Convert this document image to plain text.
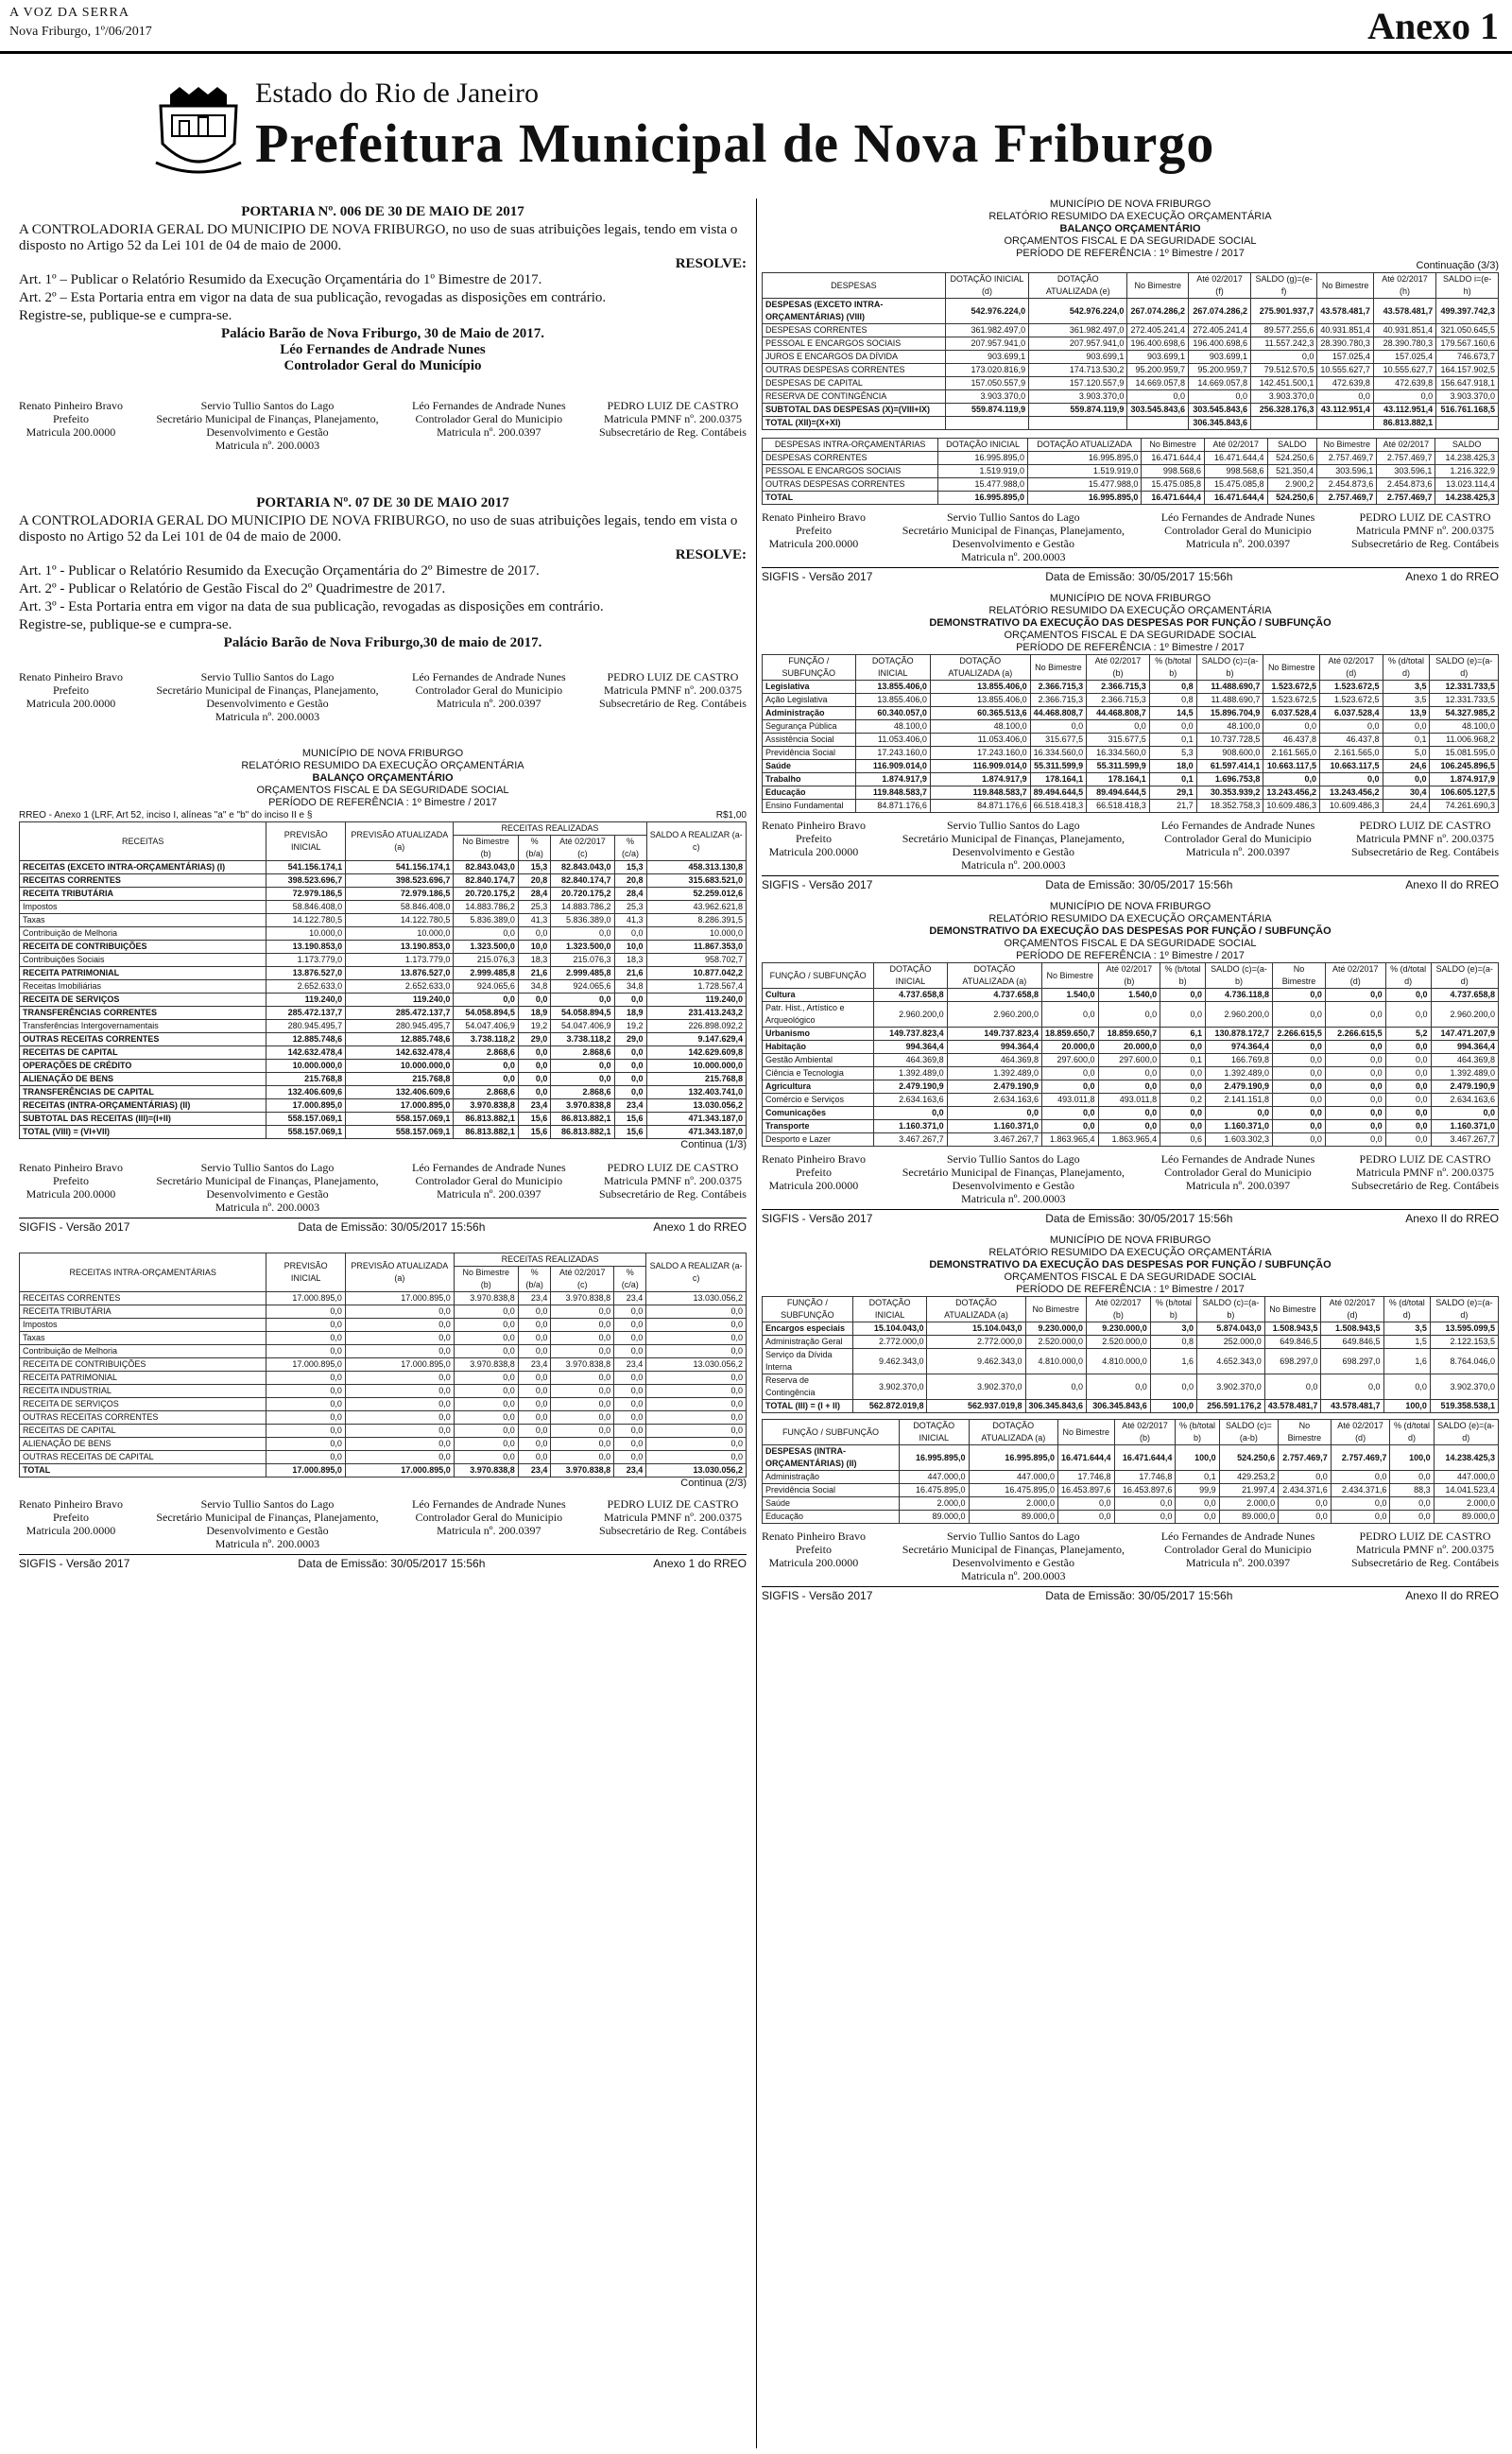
A VOZ DA SERRA
Nova Friburgo, 1º/06/2017	Anexo 1
Estado do Rio de Janeiro
Prefeitura Municipal de Nova Friburgo
PORTARIA Nº. 006 DE 30 DE MAIO DE 2017

A CONTROLADORIA GERAL DO MUNICIPIO DE NOVA FRIBURGO, no uso de suas atribuições legais, tendo em vista o disposto no Artigo 52 da Lei 101 de 04 de maio de 2000.

RESOLVE:

Art. 1º – Publicar o Relatório Resumido da Execução Orçamentária do 1º Bimestre de 2017.

Art. 2º – Esta Portaria entra em vigor na data de sua publicação, revogadas as disposições em contrário.

Registre-se, publique-se e cumpra-se.

Palácio Barão de Nova Friburgo, 30 de Maio de 2017.
Léo Fernandes de Andrade Nunes
Controlador Geral do Município
Renato Pinheiro Bravo
Prefeito
Matricula 200.0000
Servio Tullio Santos do Lago
Secretário Municipal de Finanças, Planejamento,
Desenvolvimento e Gestão
Matricula nº. 200.0003
Léo Fernandes de Andrade Nunes
Controlador Geral do Municipio
Matricula nº. 200.0397
PEDRO LUIZ DE CASTRO
Matricula PMNF nº. 200.0375
Subsecretário de Reg. Contábeis
PORTARIA Nº. 07 DE 30 DE MAIO 2017

A CONTROLADORIA GERAL DO MUNICIPIO DE NOVA FRIBURGO, no uso de suas atribuições legais, tendo em vista o disposto no Artigo 52 da Lei 101 de 04 de maio de 2000.

RESOLVE:

Art. 1º - Publicar o Relatório Resumido da Execução Orçamentária do 2º Bimestre de 2017.

Art. 2º - Publicar o Relatório de Gestão Fiscal do 2º Quadrimestre de 2017.

Art. 3º - Esta Portaria entra em vigor na data de sua publicação, revogadas as disposições em contrário.

Registre-se, publique-se e cumpra-se.

Palácio Barão de Nova Friburgo,30 de maio de 2017.
Renato Pinheiro Bravo
Prefeito
Matricula 200.0000
Servio Tullio Santos do Lago
Secretário Municipal de Finanças, Planejamento,
Desenvolvimento e Gestão
Matricula nº. 200.0003
Léo Fernandes de Andrade Nunes
Controlador Geral do Municipio
Matricula nº. 200.0397
PEDRO LUIZ DE CASTRO
Matricula PMNF nº. 200.0375
Subsecretário de Reg. Contábeis
MUNICÍPIO DE NOVA FRIBURGO
RELATÓRIO RESUMIDO DA EXECUÇÃO ORÇAMENTÁRIA
BALANÇO ORÇAMENTÁRIO
ORÇAMENTOS FISCAL E DA SEGURIDADE SOCIAL
PERÍODO DE REFERÊNCIA : 1º Bimestre / 2017
RREO - Anexo 1 (LRF, Art 52, inciso I, alíneas "a" e "b" do inciso II e §	R$1,00
RECEITAS	PREVISÃO INICIAL	PREVISÃO ATUALIZADA (a)	RECEITAS REALIZADAS				SALDO A REALIZAR (a-c)
			No Bimestre (b)	% (b/a)	Até 02/2017 (c)	% (c/a)	
RECEITAS (EXCETO INTRA-ORÇAMENTÁRIAS) (I)	541.156.174,1	541.156.174,1	82.843.043,0	15,3	82.843.043,0	15,3	458.313.130,8
RECEITAS CORRENTES	398.523.696,7	398.523.696,7	82.840.174,7	20,8	82.840.174,7	20,8	315.683.521,0
RECEITA TRIBUTÁRIA	72.979.186,5	72.979.186,5	20.720.175,2	28,4	20.720.175,2	28,4	52.259.012,6
Impostos	58.846.408,0	58.846.408,0	14.883.786,2	25,3	14.883.786,2	25,3	43.962.621,8
Taxas	14.122.780,5	14.122.780,5	5.836.389,0	41,3	5.836.389,0	41,3	8.286.391,5
Contribuição de Melhoria	10.000,0	10.000,0	0,0	0,0	0,0	0,0	10.000,0
RECEITA DE CONTRIBUIÇÕES	13.190.853,0	13.190.853,0	1.323.500,0	10,0	1.323.500,0	10,0	11.867.353,0
Contribuições Sociais	1.173.779,0	1.173.779,0	215.076,3	18,3	215.076,3	18,3	958.702,7
RECEITA PATRIMONIAL	13.876.527,0	13.876.527,0	2.999.485,8	21,6	2.999.485,8	21,6	10.877.042,2
Receitas Imobiliárias	2.652.633,0	2.652.633,0	924.065,6	34,8	924.065,6	34,8	1.728.567,4
RECEITA DE SERVIÇOS	119.240,0	119.240,0	0,0	0,0	0,0	0,0	119.240,0
TRANSFERÊNCIAS CORRENTES	285.472.137,7	285.472.137,7	54.058.894,5	18,9	54.058.894,5	18,9	231.413.243,2
Transferências Intergovernamentais	280.945.495,7	280.945.495,7	54.047.406,9	19,2	54.047.406,9	19,2	226.898.092,2
OUTRAS RECEITAS CORRENTES	12.885.748,6	12.885.748,6	3.738.118,2	29,0	3.738.118,2	29,0	9.147.629,4
RECEITAS DE CAPITAL	142.632.478,4	142.632.478,4	2.868,6	0,0	2.868,6	0,0	142.629.609,8
OPERAÇÕES DE CRÉDITO	10.000.000,0	10.000.000,0	0,0	0,0	0,0	0,0	10.000.000,0
ALIENAÇÃO DE BENS	215.768,8	215.768,8	0,0	0,0	0,0	0,0	215.768,8
TRANSFERÊNCIAS DE CAPITAL	132.406.609,6	132.406.609,6	2.868,6	0,0	2.868,6	0,0	132.403.741,0
RECEITAS (INTRA-ORÇAMENTÁRIAS) (II)	17.000.895,0	17.000.895,0	3.970.838,8	23,4	3.970.838,8	23,4	13.030.056,2
SUBTOTAL DAS RECEITAS (III)=(I+II)	558.157.069,1	558.157.069,1	86.813.882,1	15,6	86.813.882,1	15,6	471.343.187,0
TOTAL (VIII) = (VI+VII)	558.157.069,1	558.157.069,1	86.813.882,1	15,6	86.813.882,1	15,6	471.343.187,0
Continua (1/3)
Renato Pinheiro Bravo
Prefeito
Matricula 200.0000
Servio Tullio Santos do Lago
Secretário Municipal de Finanças, Planejamento,
Desenvolvimento e Gestão
Matricula nº. 200.0003
Léo Fernandes de Andrade Nunes
Controlador Geral do Municipio
Matricula nº. 200.0397
PEDRO LUIZ DE CASTRO
Matricula PMNF nº. 200.0375
Subsecretário de Reg. Contábeis
SIGFIS - Versão 2017	Data de Emissão: 30/05/2017 15:56h	Anexo 1 do RREO
RECEITAS INTRA-ORÇAMENTÁRIAS	PREVISÃO INICIAL	PREVISÃO ATUALIZADA (a)	RECEITAS REALIZADAS				SALDO A REALIZAR (a-c)
			No Bimestre (b)	% (b/a)	Até 02/2017 (c)	% (c/a)	
RECEITAS CORRENTES	17.000.895,0	17.000.895,0	3.970.838,8	23,4	3.970.838,8	23,4	13.030.056,2
RECEITA TRIBUTÁRIA	0,0	0,0	0,0	0,0	0,0	0,0	0,0
Impostos	0,0	0,0	0,0	0,0	0,0	0,0	0,0
Taxas	0,0	0,0	0,0	0,0	0,0	0,0	0,0
Contribuição de Melhoria	0,0	0,0	0,0	0,0	0,0	0,0	0,0
RECEITA DE CONTRIBUIÇÕES	17.000.895,0	17.000.895,0	3.970.838,8	23,4	3.970.838,8	23,4	13.030.056,2
RECEITA PATRIMONIAL	0,0	0,0	0,0	0,0	0,0	0,0	0,0
RECEITA INDUSTRIAL	0,0	0,0	0,0	0,0	0,0	0,0	0,0
RECEITA DE SERVIÇOS	0,0	0,0	0,0	0,0	0,0	0,0	0,0
OUTRAS RECEITAS CORRENTES	0,0	0,0	0,0	0,0	0,0	0,0	0,0
RECEITAS DE CAPITAL	0,0	0,0	0,0	0,0	0,0	0,0	0,0
ALIENAÇÃO DE BENS	0,0	0,0	0,0	0,0	0,0	0,0	0,0
OUTRAS RECEITAS DE CAPITAL	0,0	0,0	0,0	0,0	0,0	0,0	0,0
TOTAL	17.000.895,0	17.000.895,0	3.970.838,8	23,4	3.970.838,8	23,4	13.030.056,2
Continua (2/3)
Renato Pinheiro Bravo
Prefeito
Matricula 200.0000
Servio Tullio Santos do Lago
Secretário Municipal de Finanças, Planejamento,
Desenvolvimento e Gestão
Matricula nº. 200.0003
Léo Fernandes de Andrade Nunes
Controlador Geral do Municipio
Matricula nº. 200.0397
PEDRO LUIZ DE CASTRO
Matricula PMNF nº. 200.0375
Subsecretário de Reg. Contábeis
SIGFIS - Versão 2017	Data de Emissão: 30/05/2017 15:56h	Anexo 1 do RREO
MUNICÍPIO DE NOVA FRIBURGO
RELATÓRIO RESUMIDO DA EXECUÇÃO ORÇAMENTÁRIA
BALANÇO ORÇAMENTÁRIO
ORÇAMENTOS FISCAL E DA SEGURIDADE SOCIAL
PERÍODO DE REFERÊNCIA : 1º Bimestre / 2017
Continuação (3/3)
DESPESAS	DOTAÇÃO INICIAL (d)	DOTAÇÃO ATUALIZADA (e)	No Bimestre	Até 02/2017 (f)	SALDO (g)=(e-f)	No Bimestre	Até 02/2017 (h)	SALDO i=(e-h)
DESPESAS (EXCETO INTRA-ORÇAMENTÁRIAS) (VIII)	542.976.224,0	542.976.224,0	267.074.286,2	267.074.286,2	275.901.937,7	43.578.481,7	43.578.481,7	499.397.742,3
DESPESAS CORRENTES	361.982.497,0	361.982.497,0	272.405.241,4	272.405.241,4	89.577.255,6	40.931.851,4	40.931.851,4	321.050.645,5
PESSOAL E ENCARGOS SOCIAIS	207.957.941,0	207.957.941,0	196.400.698,6	196.400.698,6	11.557.242,3	28.390.780,3	28.390.780,3	179.567.160,6
JUROS E ENCARGOS DA DÍVIDA	903.699,1	903.699,1	903.699,1	903.699,1	0,0	157.025,4	157.025,4	746.673,7
OUTRAS DESPESAS CORRENTES	173.020.816,9	174.713.530,2	95.200.959,7	95.200.959,7	79.512.570,5	10.555.627,7	10.555.627,7	164.157.902,5
DESPESAS DE CAPITAL	157.050.557,9	157.120.557,9	14.669.057,8	14.669.057,8	142.451.500,1	472.639,8	472.639,8	156.647.918,1
RESERVA DE CONTINGÊNCIA	3.903.370,0	3.903.370,0	0,0	0,0	3.903.370,0	0,0	0,0	3.903.370,0
SUBTOTAL DAS DESPESAS (X)=(VIII+IX)	559.874.119,9	559.874.119,9	303.545.843,6	303.545.843,6	256.328.176,3	43.112.951,4	43.112.951,4	516.761.168,5
TOTAL (XII)=(X+XI)				306.345.843,6			86.813.882,1	
DESPESAS INTRA-ORÇAMENTÁRIAS	DOTAÇÃO INICIAL	DOTAÇÃO ATUALIZADA	No Bimestre	Até 02/2017	SALDO	No Bimestre	Até 02/2017	SALDO
DESPESAS CORRENTES	16.995.895,0	16.995.895,0	16.471.644,4	16.471.644,4	524.250,6	2.757.469,7	2.757.469,7	14.238.425,3
PESSOAL E ENCARGOS SOCIAIS	1.519.919,0	1.519.919,0	998.568,6	998.568,6	521.350,4	303.596,1	303.596,1	1.216.322,9
OUTRAS DESPESAS CORRENTES	15.477.988,0	15.477.988,0	15.475.085,8	15.475.085,8	2.900,2	2.454.873,6	2.454.873,6	13.023.114,4
TOTAL	16.995.895,0	16.995.895,0	16.471.644,4	16.471.644,4	524.250,6	2.757.469,7	2.757.469,7	14.238.425,3
Renato Pinheiro Bravo
Prefeito
Matricula 200.0000
Servio Tullio Santos do Lago
Secretário Municipal de Finanças, Planejamento,
Desenvolvimento e Gestão
Matricula nº. 200.0003
Léo Fernandes de Andrade Nunes
Controlador Geral do Municipio
Matricula nº. 200.0397
PEDRO LUIZ DE CASTRO
Matricula PMNF nº. 200.0375
Subsecretário de Reg. Contábeis
SIGFIS - Versão 2017	Data de Emissão: 30/05/2017 15:56h	Anexo 1 do RREO
MUNICÍPIO DE NOVA FRIBURGO
RELATÓRIO RESUMIDO DA EXECUÇÃO ORÇAMENTÁRIA
DEMONSTRATIVO DA EXECUÇÃO DAS DESPESAS POR FUNÇÃO / SUBFUNÇÃO
ORÇAMENTOS FISCAL E DA SEGURIDADE SOCIAL
PERÍODO DE REFERÊNCIA : 1º Bimestre / 2017
FUNÇÃO / SUBFUNÇÃO	DOTAÇÃO INICIAL	DOTAÇÃO ATUALIZADA (a)	No Bimestre	Até 02/2017 (b)	% (b/total b)	SALDO (c)=(a-b)	No Bimestre	Até 02/2017 (d)	% (d/total d)	SALDO (e)=(a-d)
Legislativa	13.855.406,0	13.855.406,0	2.366.715,3	2.366.715,3	0,8	11.488.690,7	1.523.672,5	1.523.672,5	3,5	12.331.733,5
Ação Legislativa	13.855.406,0	13.855.406,0	2.366.715,3	2.366.715,3	0,8	11.488.690,7	1.523.672,5	1.523.672,5	3,5	12.331.733,5
Administração	60.340.057,0	60.365.513,6	44.468.808,7	44.468.808,7	14,5	15.896.704,9	6.037.528,4	6.037.528,4	13,9	54.327.985,2
Segurança Pública	48.100,0	48.100,0	0,0	0,0	0,0	48.100,0	0,0	0,0	0,0	48.100,0
Assistência Social	11.053.406,0	11.053.406,0	315.677,5	315.677,5	0,1	10.737.728,5	46.437,8	46.437,8	0,1	11.006.968,2
Previdência Social	17.243.160,0	17.243.160,0	16.334.560,0	16.334.560,0	5,3	908.600,0	2.161.565,0	2.161.565,0	5,0	15.081.595,0
Saúde	116.909.014,0	116.909.014,0	55.311.599,9	55.311.599,9	18,0	61.597.414,1	10.663.117,5	10.663.117,5	24,6	106.245.896,5
Trabalho	1.874.917,9	1.874.917,9	178.164,1	178.164,1	0,1	1.696.753,8	0,0	0,0	0,0	1.874.917,9
Educação	119.848.583,7	119.848.583,7	89.494.644,5	89.494.644,5	29,1	30.353.939,2	13.243.456,2	13.243.456,2	30,4	106.605.127,5
Ensino Fundamental	84.871.176,6	84.871.176,6	66.518.418,3	66.518.418,3	21,7	18.352.758,3	10.609.486,3	10.609.486,3	24,4	74.261.690,3
Renato Pinheiro Bravo
Prefeito
Matricula 200.0000
Servio Tullio Santos do Lago
Secretário Municipal de Finanças, Planejamento,
Desenvolvimento e Gestão
Matricula nº. 200.0003
Léo Fernandes de Andrade Nunes
Controlador Geral do Municipio
Matricula nº. 200.0397
PEDRO LUIZ DE CASTRO
Matricula PMNF nº. 200.0375
Subsecretário de Reg. Contábeis
SIGFIS - Versão 2017	Data de Emissão: 30/05/2017 15:56h	Anexo II do RREO
MUNICÍPIO DE NOVA FRIBURGO
RELATÓRIO RESUMIDO DA EXECUÇÃO ORÇAMENTÁRIA
DEMONSTRATIVO DA EXECUÇÃO DAS DESPESAS POR FUNÇÃO / SUBFUNÇÃO
ORÇAMENTOS FISCAL E DA SEGURIDADE SOCIAL
PERÍODO DE REFERÊNCIA : 1º Bimestre / 2017
FUNÇÃO / SUBFUNÇÃO	DOTAÇÃO INICIAL	DOTAÇÃO ATUALIZADA (a)	No Bimestre	Até 02/2017 (b)	% (b/total b)	SALDO (c)=(a-b)	No Bimestre	Até 02/2017 (d)	% (d/total d)	SALDO (e)=(a-d)
Cultura	4.737.658,8	4.737.658,8	1.540,0	1.540,0	0,0	4.736.118,8	0,0	0,0	0,0	4.737.658,8
Patr. Hist., Artístico e Arqueológico	2.960.200,0	2.960.200,0	0,0	0,0	0,0	2.960.200,0	0,0	0,0	0,0	2.960.200,0
Urbanismo	149.737.823,4	149.737.823,4	18.859.650,7	18.859.650,7	6,1	130.878.172,7	2.266.615,5	2.266.615,5	5,2	147.471.207,9
Habitação	994.364,4	994.364,4	20.000,0	20.000,0	0,0	974.364,4	0,0	0,0	0,0	994.364,4
Gestão Ambiental	464.369,8	464.369,8	297.600,0	297.600,0	0,1	166.769,8	0,0	0,0	0,0	464.369,8
Ciência e Tecnologia	1.392.489,0	1.392.489,0	0,0	0,0	0,0	1.392.489,0	0,0	0,0	0,0	1.392.489,0
Agricultura	2.479.190,9	2.479.190,9	0,0	0,0	0,0	2.479.190,9	0,0	0,0	0,0	2.479.190,9
Comércio e Serviços	2.634.163,6	2.634.163,6	493.011,8	493.011,8	0,2	2.141.151,8	0,0	0,0	0,0	2.634.163,6
Comunicações	0,0	0,0	0,0	0,0	0,0	0,0	0,0	0,0	0,0	0,0
Transporte	1.160.371,0	1.160.371,0	0,0	0,0	0,0	1.160.371,0	0,0	0,0	0,0	1.160.371,0
Desporto e Lazer	3.467.267,7	3.467.267,7	1.863.965,4	1.863.965,4	0,6	1.603.302,3	0,0	0,0	0,0	3.467.267,7
Renato Pinheiro Bravo
Prefeito
Matricula 200.0000
Servio Tullio Santos do Lago
Secretário Municipal de Finanças, Planejamento,
Desenvolvimento e Gestão
Matricula nº. 200.0003
Léo Fernandes de Andrade Nunes
Controlador Geral do Municipio
Matricula nº. 200.0397
PEDRO LUIZ DE CASTRO
Matricula PMNF nº. 200.0375
Subsecretário de Reg. Contábeis
SIGFIS - Versão 2017	Data de Emissão: 30/05/2017 15:56h	Anexo II do RREO
MUNICÍPIO DE NOVA FRIBURGO
RELATÓRIO RESUMIDO DA EXECUÇÃO ORÇAMENTÁRIA
DEMONSTRATIVO DA EXECUÇÃO DAS DESPESAS POR FUNÇÃO / SUBFUNÇÃO
ORÇAMENTOS FISCAL E DA SEGURIDADE SOCIAL
PERÍODO DE REFERÊNCIA : 1º Bimestre / 2017
FUNÇÃO / SUBFUNÇÃO	DOTAÇÃO INICIAL	DOTAÇÃO ATUALIZADA (a)	No Bimestre	Até 02/2017 (b)	% (b/total b)	SALDO (c)=(a-b)	No Bimestre	Até 02/2017 (d)	% (d/total d)	SALDO (e)=(a-d)
Encargos especiais	15.104.043,0	15.104.043,0	9.230.000,0	9.230.000,0	3,0	5.874.043,0	1.508.943,5	1.508.943,5	3,5	13.595.099,5
Administração Geral	2.772.000,0	2.772.000,0	2.520.000,0	2.520.000,0	0,8	252.000,0	649.846,5	649.846,5	1,5	2.122.153,5
Serviço da Dívida Interna	9.462.343,0	9.462.343,0	4.810.000,0	4.810.000,0	1,6	4.652.343,0	698.297,0	698.297,0	1,6	8.764.046,0
Reserva de Contingência	3.902.370,0	3.902.370,0	0,0	0,0	0,0	3.902.370,0	0,0	0,0	0,0	3.902.370,0
TOTAL (III) = (I + II)	562.872.019,8	562.937.019,8	306.345.843,6	306.345.843,6	100,0	256.591.176,2	43.578.481,7	43.578.481,7	100,0	519.358.538,1
FUNÇÃO / SUBFUNÇÃO	DOTAÇÃO INICIAL	DOTAÇÃO ATUALIZADA (a)	No Bimestre	Até 02/2017 (b)	% (b/total b)	SALDO (c)=(a-b)	No Bimestre	Até 02/2017 (d)	% (d/total d)	SALDO (e)=(a-d)
DESPESAS (INTRA-ORÇAMENTÁRIAS) (II)	16.995.895,0	16.995.895,0	16.471.644,4	16.471.644,4	100,0	524.250,6	2.757.469,7	2.757.469,7	100,0	14.238.425,3
Administração	447.000,0	447.000,0	17.746,8	17.746,8	0,1	429.253,2	0,0	0,0	0,0	447.000,0
Previdência Social	16.475.895,0	16.475.895,0	16.453.897,6	16.453.897,6	99,9	21.997,4	2.434.371,6	2.434.371,6	88,3	14.041.523,4
Saúde	2.000,0	2.000,0	0,0	0,0	0,0	2.000,0	0,0	0,0	0,0	2.000,0
Educação	89.000,0	89.000,0	0,0	0,0	0,0	89.000,0	0,0	0,0	0,0	89.000,0
Renato Pinheiro Bravo
Prefeito
Matricula 200.0000
Servio Tullio Santos do Lago
Secretário Municipal de Finanças, Planejamento,
Desenvolvimento e Gestão
Matricula nº. 200.0003
Léo Fernandes de Andrade Nunes
Controlador Geral do Municipio
Matricula nº. 200.0397
PEDRO LUIZ DE CASTRO
Matricula PMNF nº. 200.0375
Subsecretário de Reg. Contábeis
SIGFIS - Versão 2017	Data de Emissão: 30/05/2017 15:56h	Anexo II do RREO
